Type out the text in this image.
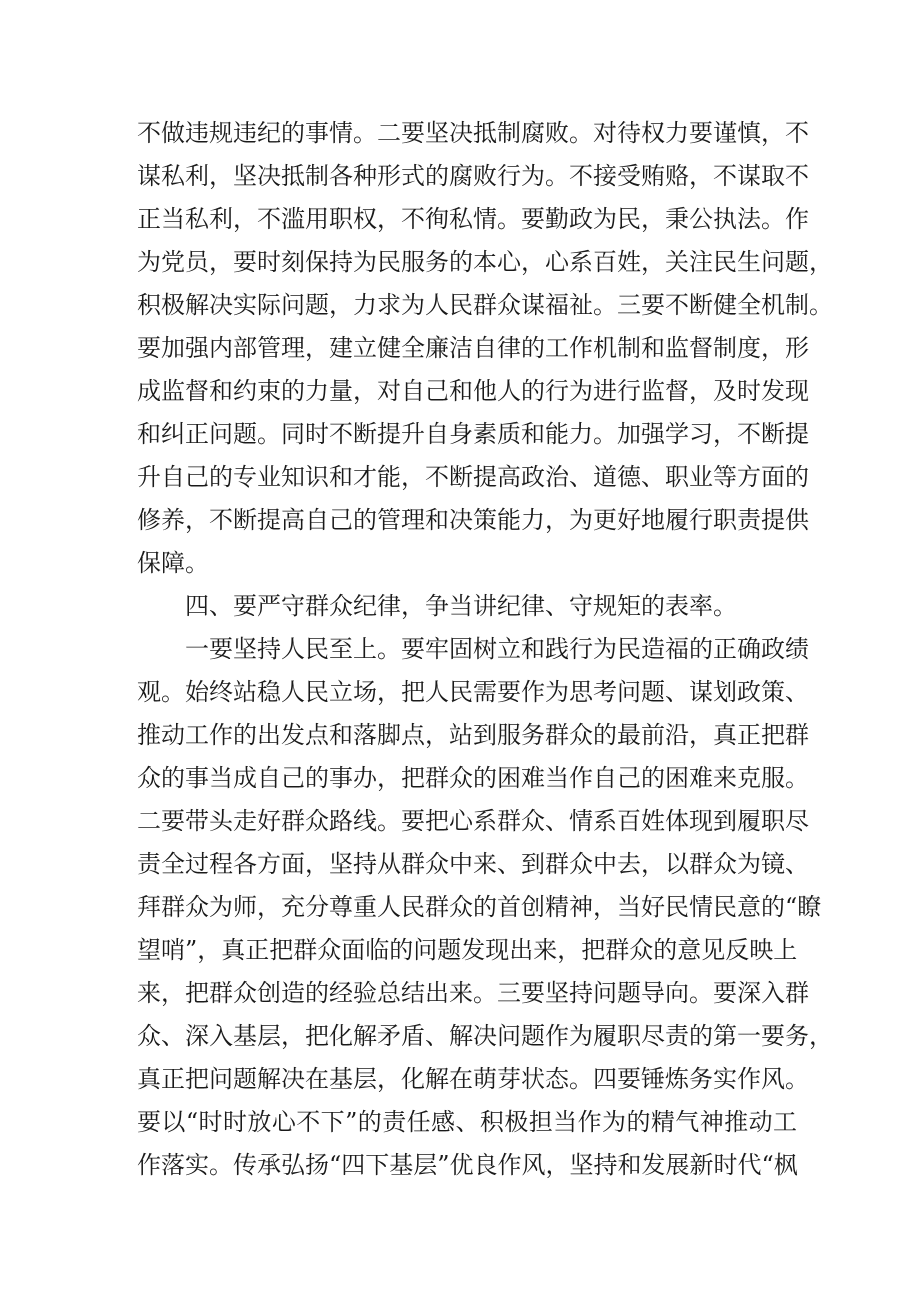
不做违规违纪的事情。二要坚决抵制腐败。对待权力要谨慎，不
谋私利，坚决抵制各种形式的腐败行为。不接受贿赂，不谋取不
正当私利，不滥用职权，不徇私情。要勤政为民，秉公执法。作
为党员，要时刻保持为民服务的本心，心系百姓，关注民生问题，
积极解决实际问题，力求为人民群众谋福祉。三要不断健全机制。
要加强内部管理，建立健全廉洁自律的工作机制和监督制度，形
成监督和约束的力量，对自己和他人的行为进行监督，及时发现
和纠正问题。同时不断提升自身素质和能力。加强学习，不断提
升自己的专业知识和才能，不断提高政治、道德、职业等方面的
修养，不断提高自己的管理和决策能力，为更好地履行职责提供
保障。
四、要严守群众纪律，争当讲纪律、守规矩的表率。
一要坚持人民至上。要牢固树立和践行为民造福的正确政绩
观。始终站稳人民立场，把人民需要作为思考问题、谋划政策、
推动工作的出发点和落脚点，站到服务群众的最前沿，真正把群
众的事当成自己的事办，把群众的困难当作自己的困难来克服。
二要带头走好群众路线。要把心系群众、情系百姓体现到履职尽
责全过程各方面，坚持从群众中来、到群众中去，以群众为镜、
拜群众为师，充分尊重人民群众的首创精神，当好民情民意的“瞭
望哨”，真正把群众面临的问题发现出来，把群众的意见反映上
来，把群众创造的经验总结出来。三要坚持问题导向。要深入群
众、深入基层，把化解矛盾、解决问题作为履职尽责的第一要务，
真正把问题解决在基层，化解在萌芽状态。四要锤炼务实作风。
要以“时时放心不下”的责任感、积极担当作为的精气神推动工
作落实。传承弘扬“四下基层”优良作风，坚持和发展新时代“枫
